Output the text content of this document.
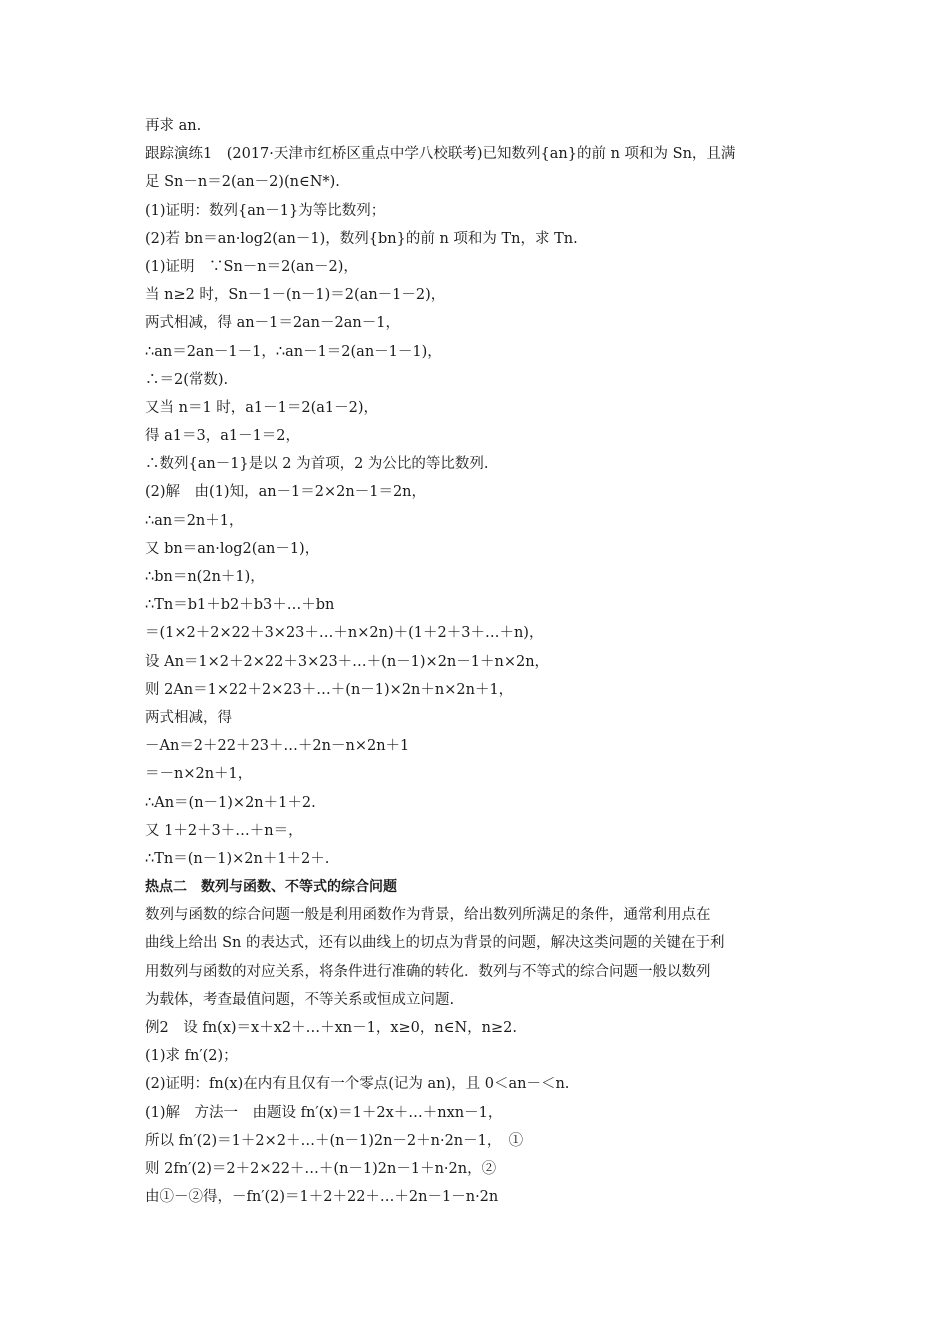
再求 an.
跟踪演练1　(2017·天津市红桥区重点中学八校联考)已知数列{an}的前 n 项和为 Sn，且满
足 Sn－n＝2(an－2)(n∈N*).
(1)证明：数列{an－1}为等比数列；
(2)若 bn＝an·log2(an－1)，数列{bn}的前 n 项和为 Tn，求 Tn.
(1)证明　∵Sn－n＝2(an－2)，
当 n≥2 时，Sn－1－(n－1)＝2(an－1－2)，
两式相减，得 an－1＝2an－2an－1，
∴an＝2an－1－1，∴an－1＝2(an－1－1)，
∴＝2(常数).
又当 n＝1 时，a1－1＝2(a1－2)，
得 a1＝3，a1－1＝2，
∴数列{an－1}是以 2 为首项，2 为公比的等比数列.
(2)解　由(1)知，an－1＝2×2n－1＝2n，
∴an＝2n＋1，
又 bn＝an·log2(an－1)，
∴bn＝n(2n＋1)，
∴Tn＝b1＋b2＋b3＋…＋bn
＝(1×2＋2×22＋3×23＋…＋n×2n)＋(1＋2＋3＋…＋n)，
设 An＝1×2＋2×22＋3×23＋…＋(n－1)×2n－1＋n×2n，
则 2An＝1×22＋2×23＋…＋(n－1)×2n＋n×2n＋1，
两式相减，得
－An＝2＋22＋23＋…＋2n－n×2n＋1
＝－n×2n＋1，
∴An＝(n－1)×2n＋1＋2.
又 1＋2＋3＋…＋n＝，
∴Tn＝(n－1)×2n＋1＋2＋.
热点二　数列与函数、不等式的综合问题
数列与函数的综合问题一般是利用函数作为背景，给出数列所满足的条件，通常利用点在
曲线上给出 Sn 的表达式，还有以曲线上的切点为背景的问题，解决这类问题的关键在于利
用数列与函数的对应关系，将条件进行准确的转化．数列与不等式的综合问题一般以数列
为载体，考查最值问题，不等关系或恒成立问题.
例2　设 fn(x)＝x＋x2＋…＋xn－1，x≥0，n∈N，n≥2.
(1)求 fn′(2)；
(2)证明：fn(x)在内有且仅有一个零点(记为 an)，且 0＜an－＜n.
(1)解　方法一　由题设 fn′(x)＝1＋2x＋…＋nxn－1，
所以 fn′(2)＝1＋2×2＋…＋(n－1)2n－2＋n·2n－1，　①
则 2fn′(2)＝2＋2×22＋…＋(n－1)2n－1＋n·2n，②
由①－②得，－fn′(2)＝1＋2＋22＋…＋2n－1－n·2n
